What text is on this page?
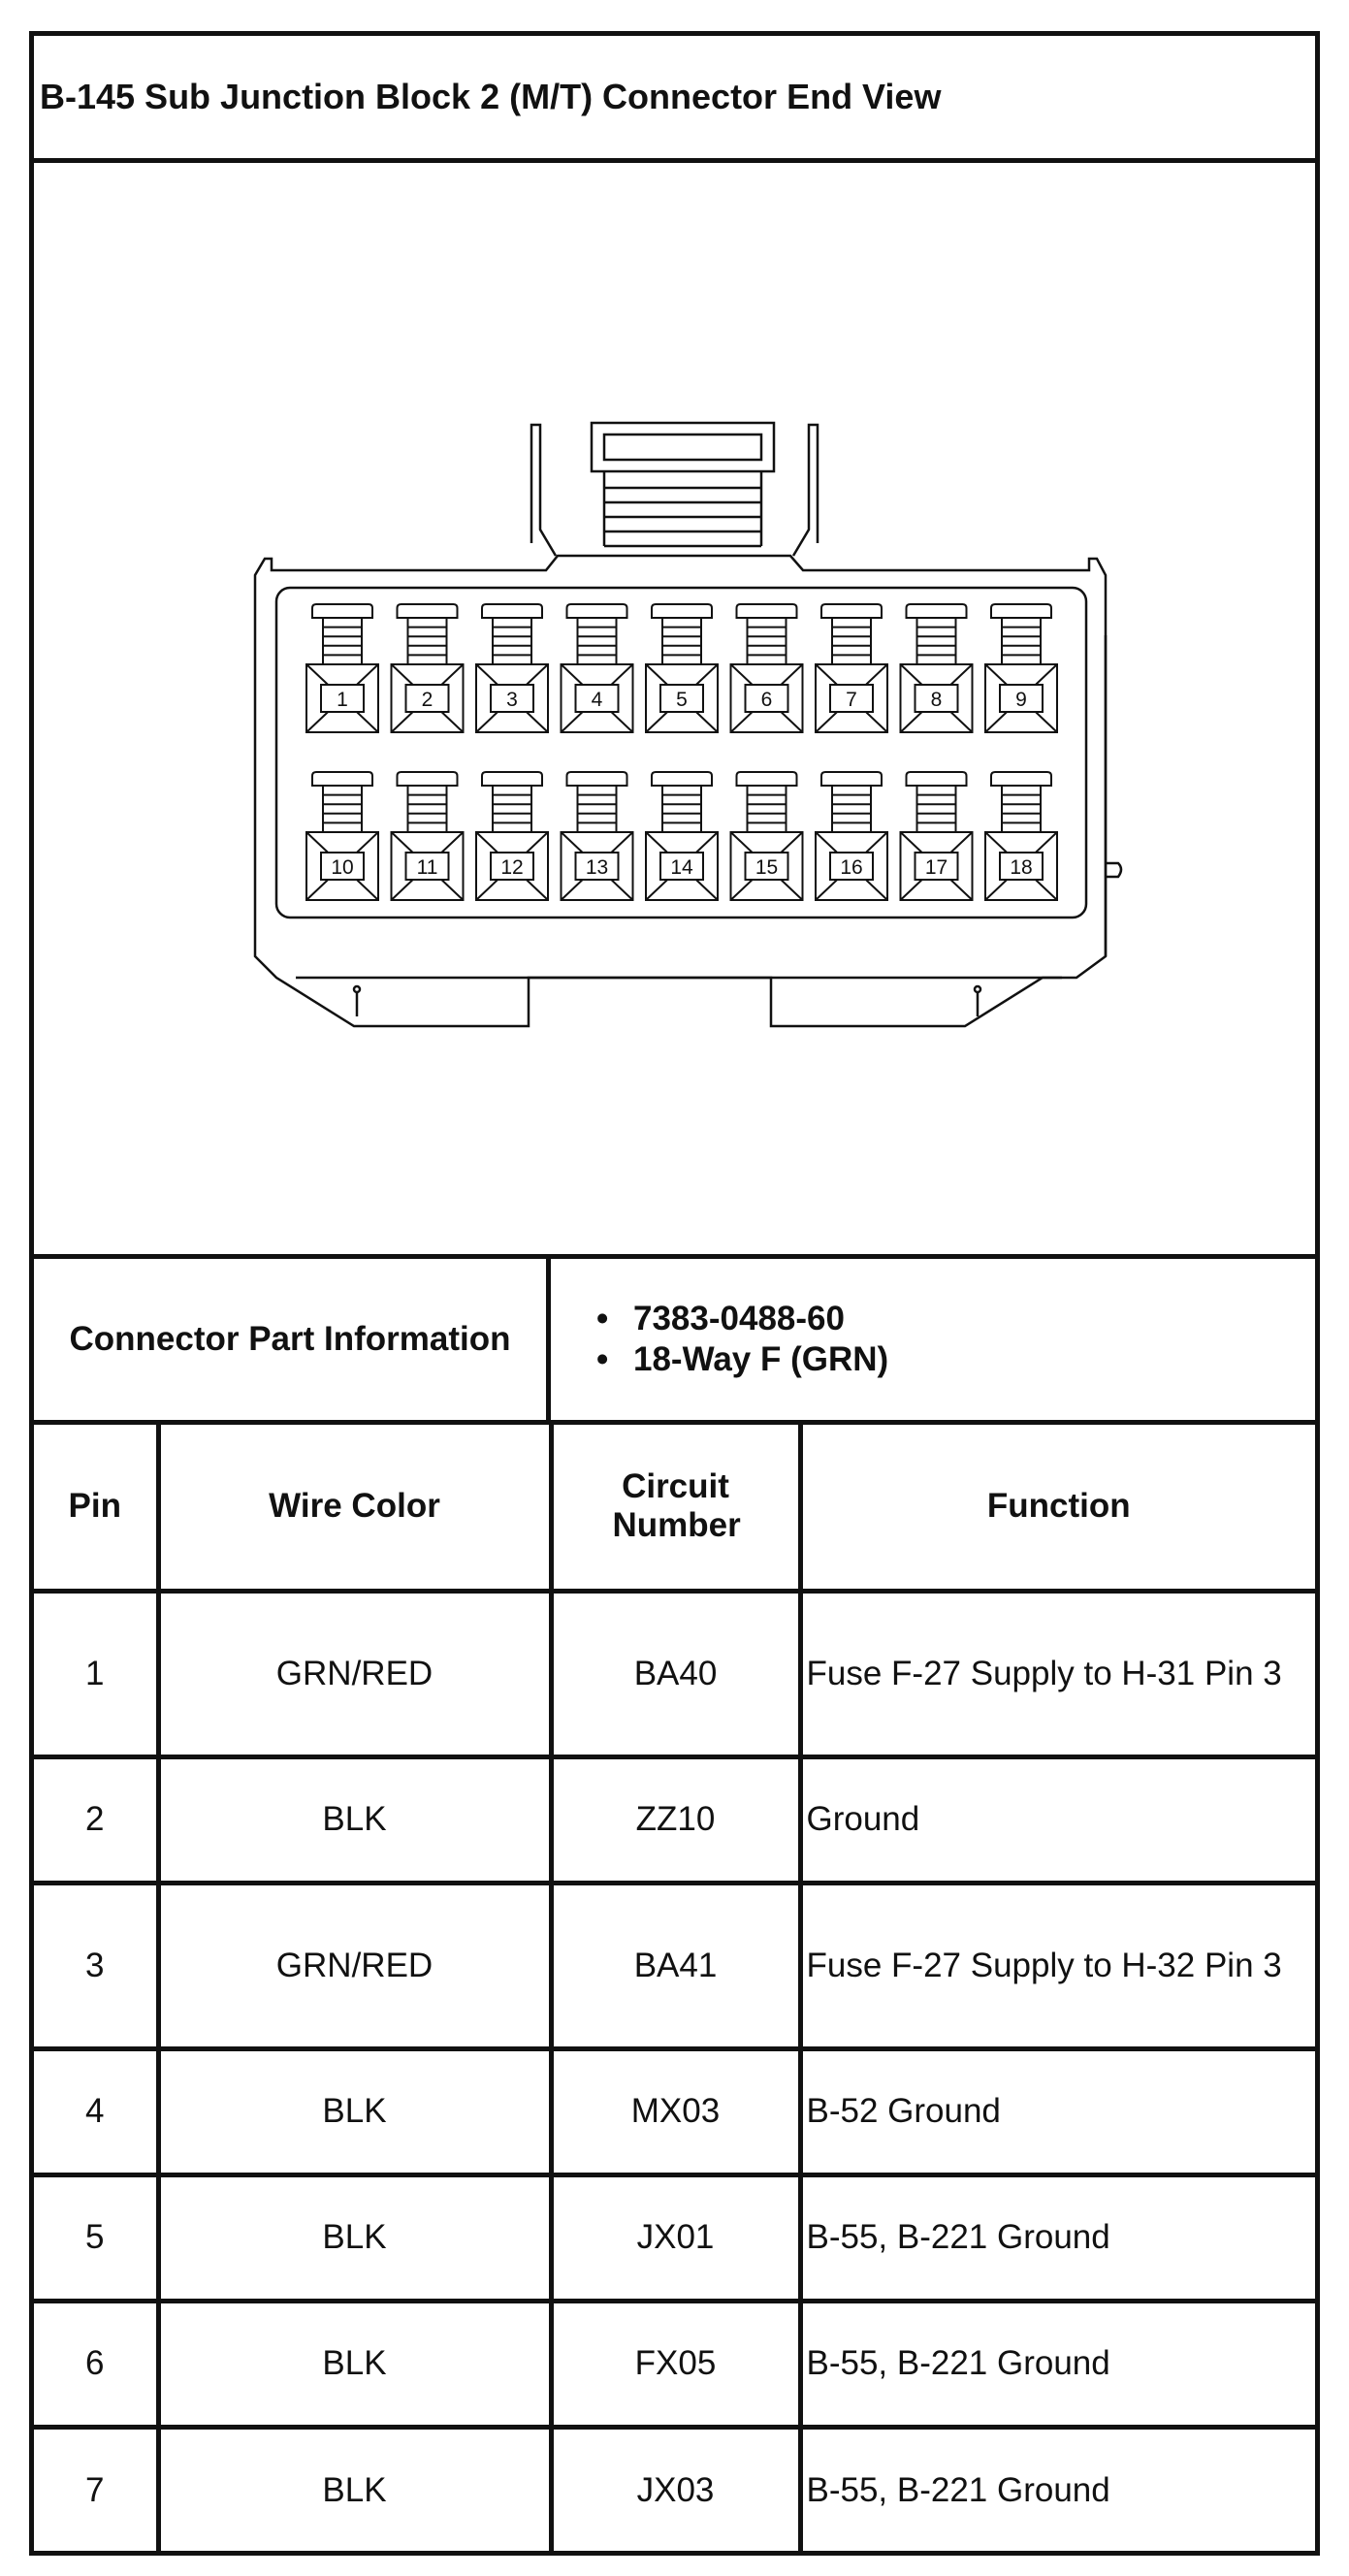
B-145 Sub Junction Block 2 (M/T) Connector End View
1	2	3	4	5	6	7	8	9
10	11	12	13	14	15	16	17	18
Connector Part Information
• 7383-0488-60
• 18-Way F (GRN)
Pin	Wire Color	Circuit Number	Function
1	GRN/RED	BA40	Fuse F-27 Supply to H-31 Pin 3
2	BLK	ZZ10	Ground
3	GRN/RED	BA41	Fuse F-27 Supply to H-32 Pin 3
4	BLK	MX03	B-52 Ground
5	BLK	JX01	B-55, B-221 Ground
6	BLK	FX05	B-55, B-221 Ground
7	BLK	JX03	B-55, B-221 Ground
